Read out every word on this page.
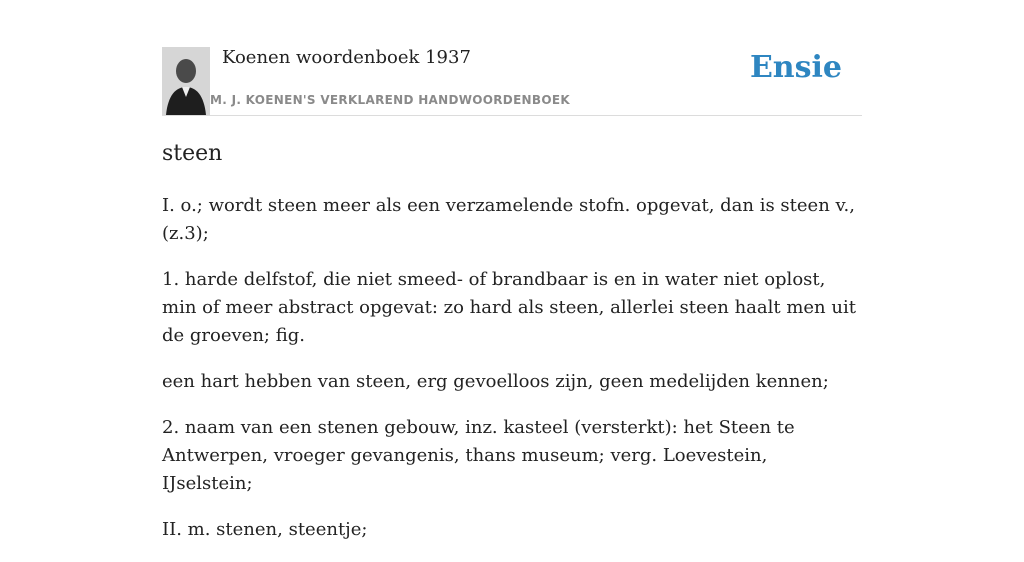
Koenen woordenboek 1937
M. J. KOENEN'S VERKLAREND HANDWOORDENBOEK
Ensie
steen

I. o.; wordt steen meer als een verzamelende stofn. opgevat, dan is steen v., (z.3);

1. harde delfstof, die niet smeed- of brandbaar is en in water niet oplost, min of meer abstract opgevat: zo hard als steen, allerlei steen haalt men uit de groeven; fig.

een hart hebben van steen, erg gevoelloos zijn, geen medelijden kennen;

2. naam van een stenen gebouw, inz. kasteel (versterkt): het Steen te Antwerpen, vroeger gevangenis, thans museum; verg. Loevestein, IJselstein;

II. m. stenen, steentje;
